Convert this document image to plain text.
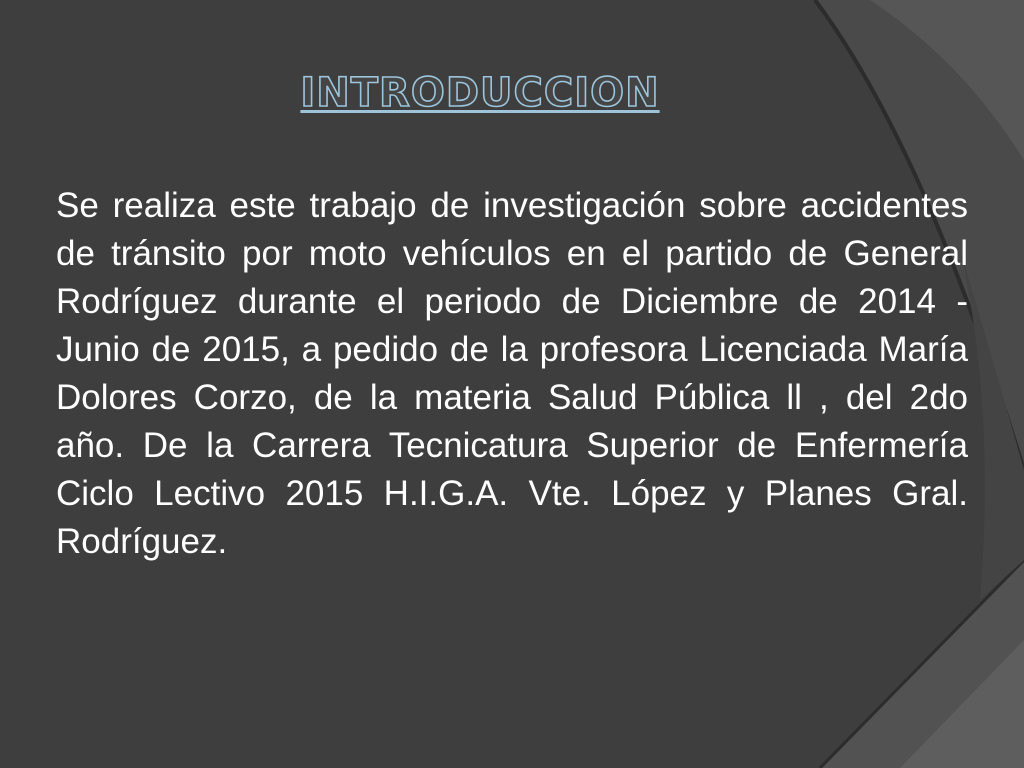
INTRODUCCION

Se realiza este trabajo de investigación sobre accidentes de tránsito por moto vehículos en el partido de General Rodríguez durante el periodo de Diciembre de 2014 - Junio de 2015, a pedido de la profesora Licenciada María Dolores Corzo, de la materia Salud Pública ll , del 2do año. De la Carrera Tecnicatura Superior de Enfermería Ciclo Lectivo 2015 H.I.G.A. Vte. López y Planes Gral. Rodríguez.
